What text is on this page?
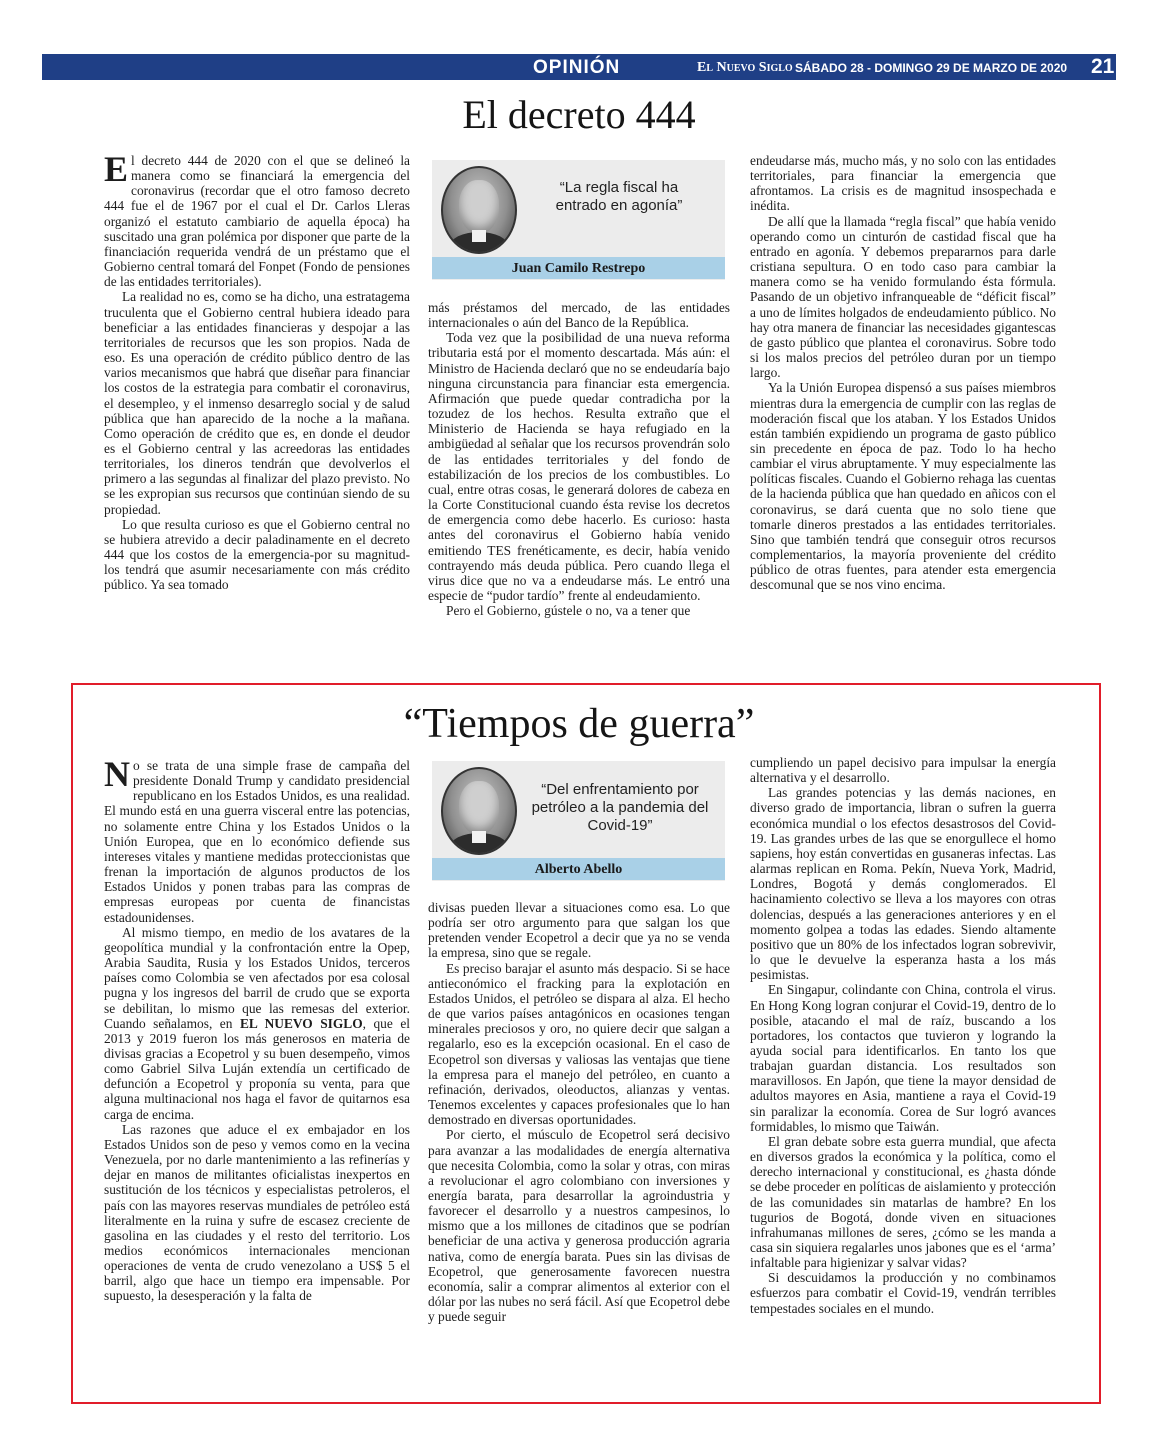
OPINIÓN	El Nuevo Siglo SÁBADO 28 - DOMINGO 29 DE MARZO DE 2020 21
El decreto 444

El decreto 444 de 2020 con el que se delineó la manera como se financiará la emergencia del coronavirus (recordar que el otro famoso decreto 444 fue el de 1967 por el cual el Dr. Carlos Lleras organizó el estatuto cambiario de aquella época) ha suscitado una gran polémica por disponer que parte de la financiación requerida vendrá de un préstamo que el Gobierno central tomará del Fonpet (Fondo de pensiones de las entidades territoriales).

La realidad no es, como se ha dicho, una estratagema truculenta que el Gobierno central hubiera ideado para beneficiar a las entidades financieras y despojar a las territoriales de recursos que les son propios. Nada de eso. Es una operación de crédito público dentro de las varios mecanismos que habrá que diseñar para financiar los costos de la estrategia para combatir el coronavirus, el desempleo, y el inmenso desarreglo social y de salud pública que han aparecido de la noche a la mañana. Como operación de crédito que es, en donde el deudor es el Gobierno central y las acreedoras las entidades territoriales, los dineros tendrán que devolverlos el primero a las segundas al finalizar del plazo previsto. No se les expropian sus recursos que continúan siendo de su propiedad.

Lo que resulta curioso es que el Gobierno central no se hubiera atrevido a decir paladinamente en el decreto 444 que los costos de la emergencia-por su magnitud- los tendrá que asumir necesariamente con más crédito público. Ya sea tomado

“La regla fiscal ha entrado en agonía”
Juan Camilo Restrepo

más préstamos del mercado, de las entidades internacionales o aún del Banco de la República.

Toda vez que la posibilidad de una nueva reforma tributaria está por el momento descartada. Más aún: el Ministro de Hacienda declaró que no se endeudaría bajo ninguna circunstancia para financiar esta emergencia. Afirmación que puede quedar contradicha por la tozudez de los hechos. Resulta extraño que el Ministerio de Hacienda se haya refugiado en la ambigüedad al señalar que los recursos provendrán solo de las entidades territoriales y del fondo de estabilización de los precios de los combustibles. Lo cual, entre otras cosas, le generará dolores de cabeza en la Corte Constitucional cuando ésta revise los decretos de emergencia como debe hacerlo. Es curioso: hasta antes del coronavirus el Gobierno había venido emitiendo TES frenéticamente, es decir, había venido contrayendo más deuda pública. Pero cuando llega el virus dice que no va a endeudarse más. Le entró una especie de “pudor tardío” frente al endeudamiento.

Pero el Gobierno, gústele o no, va a tener que

endeudarse más, mucho más, y no solo con las entidades territoriales, para financiar la emergencia que afrontamos. La crisis es de magnitud insospechada e inédita.

De allí que la llamada “regla fiscal” que había venido operando como un cinturón de castidad fiscal que ha entrado en agonía. Y debemos prepararnos para darle cristiana sepultura. O en todo caso para cambiar la manera como se ha venido formulando ésta fórmula. Pasando de un objetivo infranqueable de “déficit fiscal” a uno de límites holgados de endeudamiento público. No hay otra manera de financiar las necesidades gigantescas de gasto público que plantea el coronavirus. Sobre todo si los malos precios del petróleo duran por un tiempo largo.

Ya la Unión Europea dispensó a sus países miembros mientras dura la emergencia de cumplir con las reglas de moderación fiscal que los ataban. Y los Estados Unidos están también expidiendo un programa de gasto público sin precedente en época de paz. Todo lo ha hecho cambiar el virus abruptamente. Y muy especialmente las políticas fiscales. Cuando el Gobierno rehaga las cuentas de la hacienda pública que han quedado en añicos con el coronavirus, se dará cuenta que no solo tiene que tomarle dineros prestados a las entidades territoriales. Sino que también tendrá que conseguir otros recursos complementarios, la mayoría proveniente del crédito público de otras fuentes, para atender esta emergencia descomunal que se nos vino encima.

“Tiempos de guerra”

No se trata de una simple frase de campaña del presidente Donald Trump y candidato presidencial republicano en los Estados Unidos, es una realidad. El mundo está en una guerra visceral entre las potencias, no solamente entre China y los Estados Unidos o la Unión Europea, que en lo económico defiende sus intereses vitales y mantiene medidas proteccionistas que frenan la importación de algunos productos de los Estados Unidos y ponen trabas para las compras de empresas europeas por cuenta de financistas estadounidenses.

Al mismo tiempo, en medio de los avatares de la geopolítica mundial y la confrontación entre la Opep, Arabia Saudita, Rusia y los Estados Unidos, terceros países como Colombia se ven afectados por esa colosal pugna y los ingresos del barril de crudo que se exporta se debilitan, lo mismo que las remesas del exterior. Cuando señalamos, en EL NUEVO SIGLO, que el 2013 y 2019 fueron los más generosos en materia de divisas gracias a Ecopetrol y su buen desempeño, vimos como Gabriel Silva Luján extendía un certificado de defunción a Ecopetrol y proponía su venta, para que alguna multinacional nos haga el favor de quitarnos esa carga de encima.

Las razones que aduce el ex embajador en los Estados Unidos son de peso y vemos como en la vecina Venezuela, por no darle mantenimiento a las refinerías y dejar en manos de militantes oficialistas inexpertos en sustitución de los técnicos y especialistas petroleros, el país con las mayores reservas mundiales de petróleo está literalmente en la ruina y sufre de escasez creciente de gasolina en las ciudades y el resto del territorio. Los medios económicos internacionales mencionan operaciones de venta de crudo venezolano a US$ 5 el barril, algo que hace un tiempo era impensable. Por supuesto, la desesperación y la falta de

“Del enfrentamiento por petróleo a la pandemia del Covid-19”
Alberto Abello

divisas pueden llevar a situaciones como esa. Lo que podría ser otro argumento para que salgan los que pretenden vender Ecopetrol a decir que ya no se venda la empresa, sino que se regale.

Es preciso barajar el asunto más despacio. Si se hace antieconómico el fracking para la explotación en Estados Unidos, el petróleo se dispara al alza. El hecho de que varios países antagónicos en ocasiones tengan minerales preciosos y oro, no quiere decir que salgan a regalarlo, eso es la excepción ocasional. En el caso de Ecopetrol son diversas y valiosas las ventajas que tiene la empresa para el manejo del petróleo, en cuanto a refinación, derivados, oleoductos, alianzas y ventas. Tenemos excelentes y capaces profesionales que lo han demostrado en diversas oportunidades.

Por cierto, el músculo de Ecopetrol será decisivo para avanzar a las modalidades de energía alternativa que necesita Colombia, como la solar y otras, con miras a revolucionar el agro colombiano con inversiones y energía barata, para desarrollar la agroindustria y favorecer el desarrollo y a nuestros campesinos, lo mismo que a los millones de citadinos que se podrían beneficiar de una activa y generosa producción agraria nativa, como de energía barata. Pues sin las divisas de Ecopetrol, que generosamente favorecen nuestra economía, salir a comprar alimentos al exterior con el dólar por las nubes no será fácil. Así que Ecopetrol debe y puede seguir

cumpliendo un papel decisivo para impulsar la energía alternativa y el desarrollo.

Las grandes potencias y las demás naciones, en diverso grado de importancia, libran o sufren la guerra económica mundial o los efectos desastrosos del Covid-19. Las grandes urbes de las que se enorgullece el homo sapiens, hoy están convertidas en gusaneras infectas. Las alarmas replican en Roma. Pekín, Nueva York, Madrid, Londres, Bogotá y demás conglomerados. El hacinamiento colectivo se lleva a los mayores con otras dolencias, después a las generaciones anteriores y en el momento golpea a todas las edades. Siendo altamente positivo que un 80% de los infectados logran sobrevivir, lo que le devuelve la esperanza hasta a los más pesimistas.

En Singapur, colindante con China, controla el virus. En Hong Kong logran conjurar el Covid-19, dentro de lo posible, atacando el mal de raíz, buscando a los portadores, los contactos que tuvieron y logrando la ayuda social para identificarlos. En tanto los que trabajan guardan distancia. Los resultados son maravillosos. En Japón, que tiene la mayor densidad de adultos mayores en Asia, mantiene a raya el Covid-19 sin paralizar la economía. Corea de Sur logró avances formidables, lo mismo que Taiwán.

El gran debate sobre esta guerra mundial, que afecta en diversos grados la económica y la política, como el derecho internacional y constitucional, es ¿hasta dónde se debe proceder en políticas de aislamiento y protección de las comunidades sin matarlas de hambre? En los tugurios de Bogotá, donde viven en situaciones infrahumanas millones de seres, ¿cómo se les manda a casa sin siquiera regalarles unos jabones que es el ‘arma’ infaltable para higienizar y salvar vidas?

Si descuidamos la producción y no combinamos esfuerzos para combatir el Covid-19, vendrán terribles tempestades sociales en el mundo.
